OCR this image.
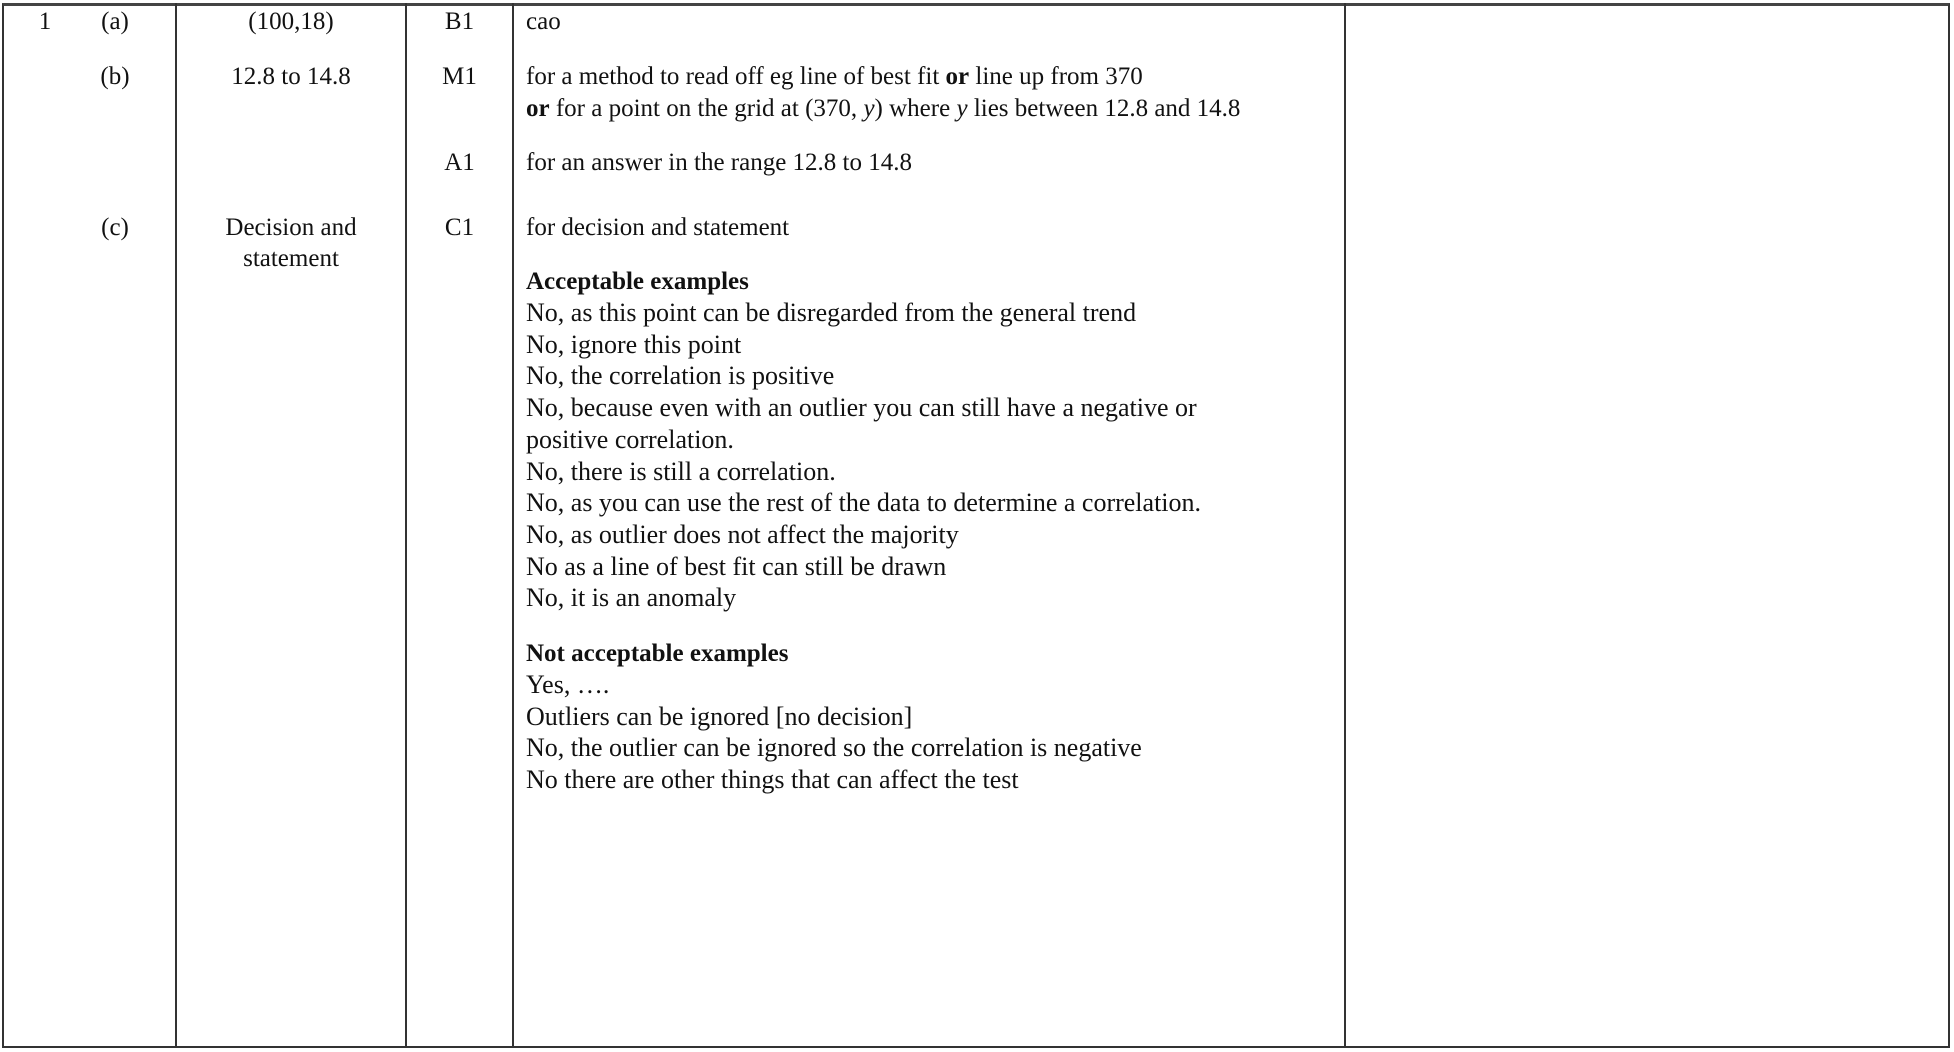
1	(a)	(100,18)	B1	cao
(b)	12.8 to 14.8	M1	for a method to read off eg line of best fit or line up from 370
or for a point on the grid at (370, y) where y lies between 12.8 and 14.8
A1	for an answer in the range 12.8 to 14.8
(c)	Decision and
statement
C1	for decision and statement
Acceptable examples
No, as this point can be disregarded from the general trend
No, ignore this point
No, the correlation is positive
No, because even with an outlier you can still have a negative or
positive correlation.
No, there is still a correlation.
No, as you can use the rest of the data to determine a correlation.
No, as outlier does not affect the majority
No as a line of best fit can still be drawn
No, it is an anomaly
Not acceptable examples
Yes, ….
Outliers can be ignored [no decision]
No, the outlier can be ignored so the correlation is negative
No there are other things that can affect the test
